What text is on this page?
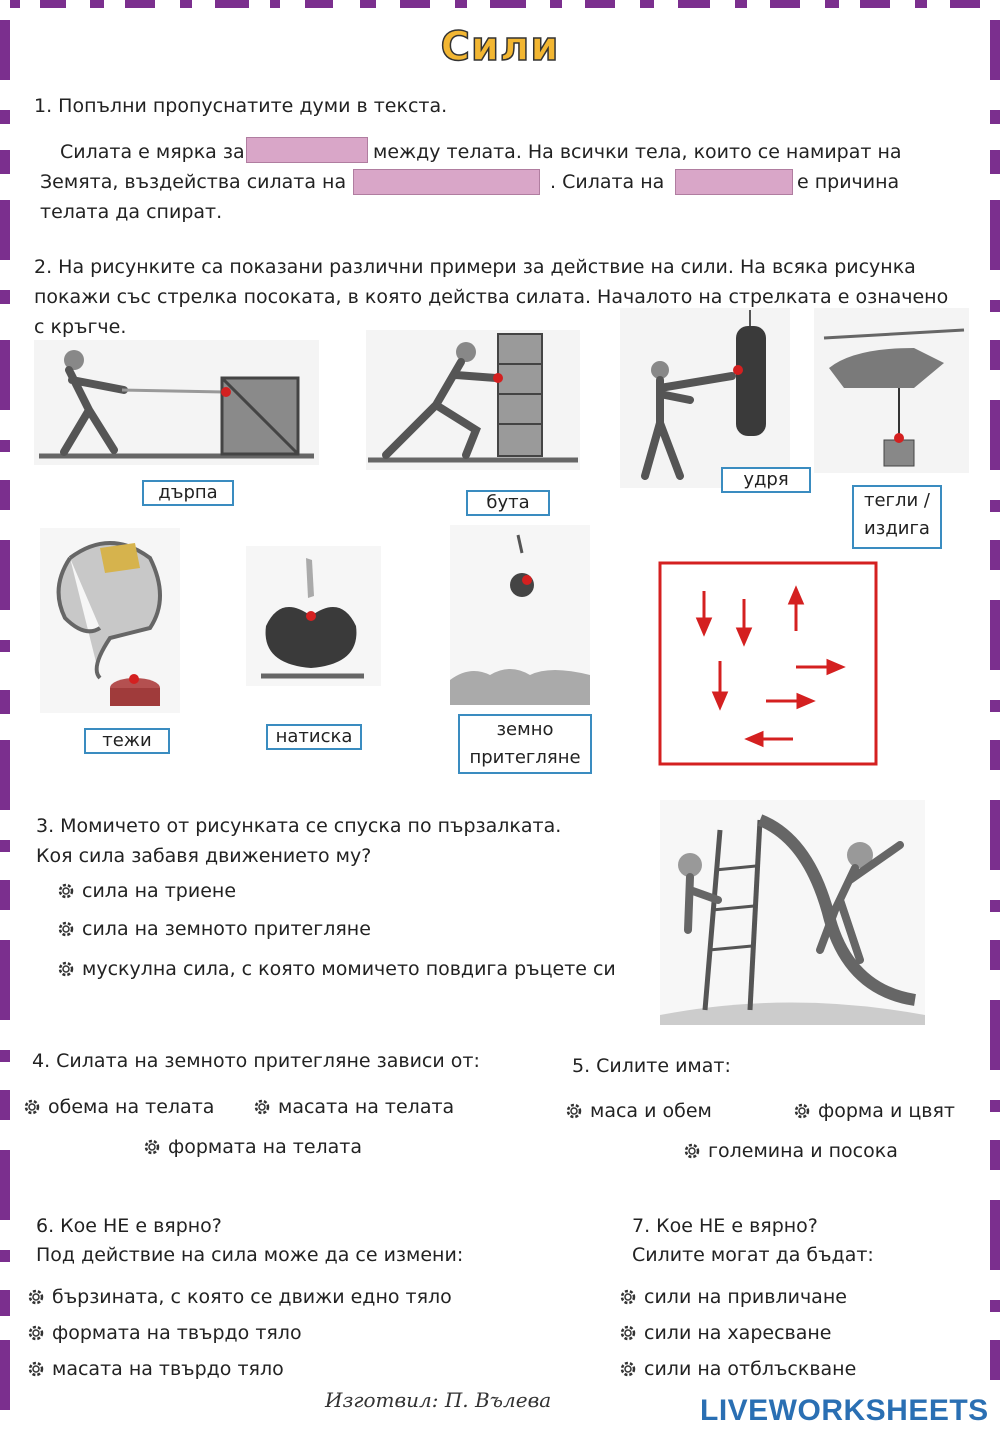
Сили
1. Попълни пропуснатите думи в текста.
Силата е мярка за	между телата. На всички тела, които се намират на
Земята, въздейства силата на	. Силата на	е причина
телата да спират.
2. На рисунките са показани различни примери за действие на сили. На всяка рисунка
покажи със стрелка посоката, в която действа силата. Началото на стрелката е означено
с кръгче.
дърпа	бута
удря
тегли /
издига
тежи	натиска	земно
притегляне
3. Момичето от рисунката се спуска по пързалката.
Коя сила забавя движението му?
сила на триене
сила на земното притегляне
мускулна сила, с която момичето повдига ръцете си
4. Силата на земното притегляне зависи от:
обема на телата	масата на телата
формата на телата
5. Силите имат:
маса и обем	форма и цвят
големина и посока
6. Кое НЕ е вярно?
Под действие на сила може да се измени:
бързината, с която се движи едно тяло
формата на твърдо тяло
масата на твърдо тяло
7. Кое НЕ е вярно?
Силите могат да бъдат:
сили на привличане
сили на харесване
сили на отблъскване
Изготвил: П. Вълева	LIVEWORKSHEETS
